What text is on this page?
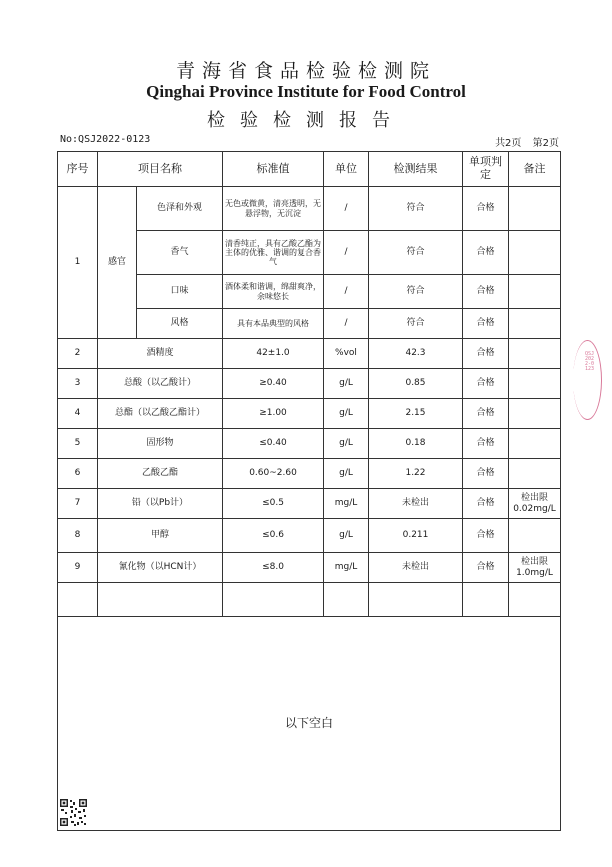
青海省食品检验检测院
Qinghai Province Institute for Food Control
检验检测报告
No:QSJ2022-0123	共2页 第2页
序号	项目名称		标准值	单位	检测结果	单项判定	备注
1	感官	色泽和外观	无色或微黄，清亮透明，无悬浮物，无沉淀	/	符合	合格	
		香气	清香纯正，具有乙酸乙酯为主体的优雅、谐调的复合香气	/	符合	合格	
		口味	酒体柔和谐调，绵甜爽净，余味悠长	/	符合	合格	
		风格	具有本品典型的风格	/	符合	合格	
2	酒精度		42±1.0	%vol	42.3	合格	
3	总酸（以乙酸计）		≥0.40	g/L	0.85	合格	
4	总酯（以乙酸乙酯计）		≥1.00	g/L	2.15	合格	
5	固形物		≤0.40	g/L	0.18	合格	
6	乙酸乙酯		0.60~2.60	g/L	1.22	合格	
7	铅（以Pb计）		≤0.5	mg/L	未检出	合格	检出限0.02mg/L
8	甲醇		≤0.6	g/L	0.211	合格	
9	氰化物（以HCN计）		≤8.0	mg/L	未检出	合格	检出限1.0mg/L

以下空白							
QSJ2022-0123
